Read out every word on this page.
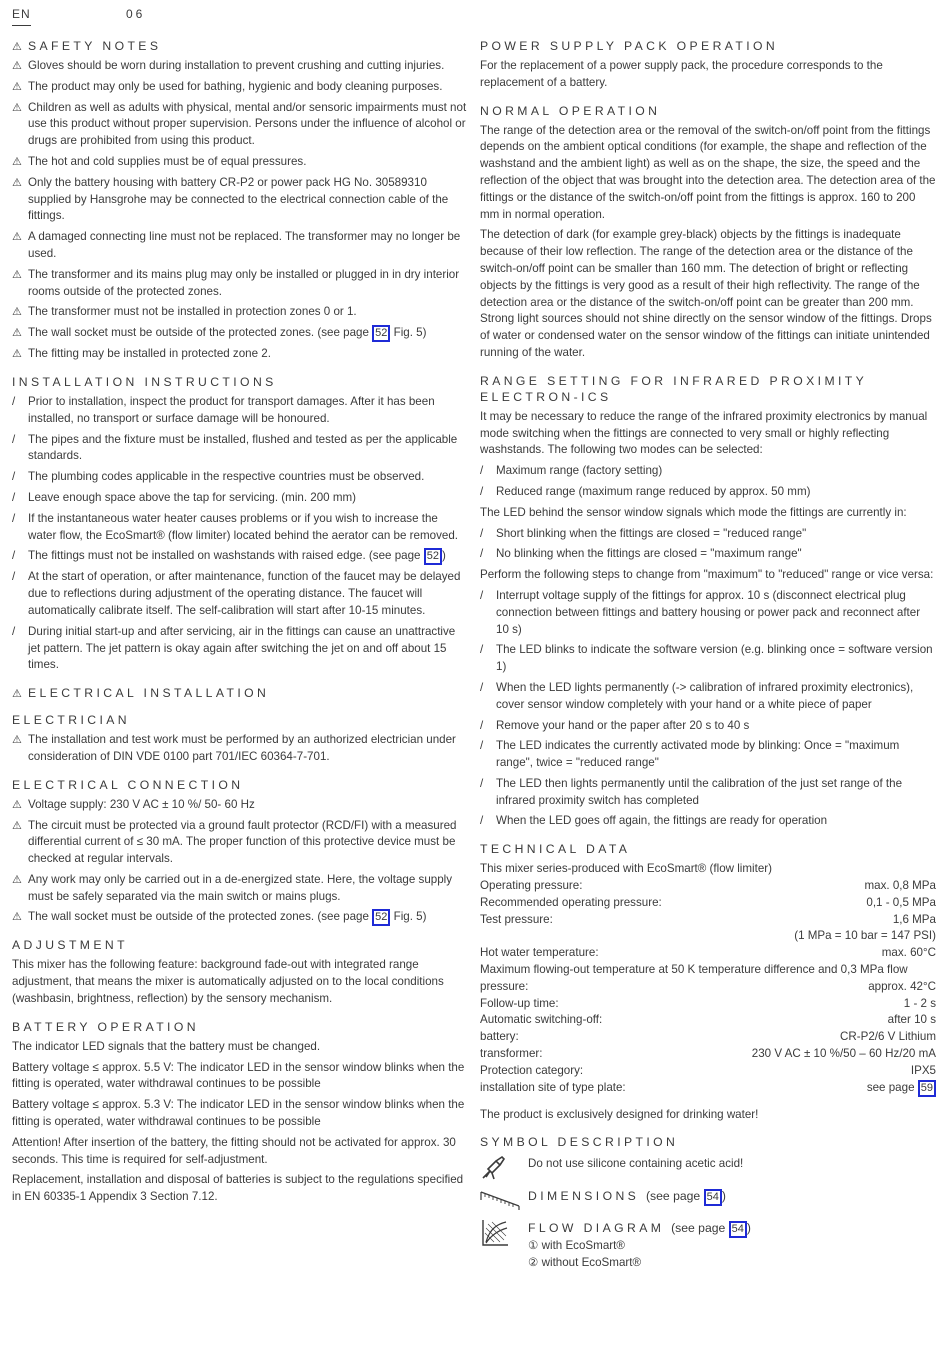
EN	06
⚠
SAFETY NOTES
⚠
Gloves should be worn during installation to prevent crushing and cutting injuries.
⚠
The product may only be used for bathing, hygienic and body cleaning purposes.
⚠
Children as well as adults with physical, mental and/or sensoric impairments must not use this product without proper supervision. Persons under the influence of alcohol or drugs are prohibited from using this product.
⚠
The hot and cold supplies must be of equal pressures.
⚠
Only the battery housing with battery CR-P2 or power pack HG No. 30589310 supplied by Hansgrohe may be connected to the electrical connection cable of the fittings.
⚠
A damaged connecting line must not be replaced. The transformer may no longer be used.
⚠
The transformer and its mains plug may only be installed or plugged in in dry interior rooms outside of the protected zones.
⚠
The transformer must not be installed in protection zones 0 or 1.
⚠
The wall socket must be outside of the protected zones. (see page 52 Fig. 5)
⚠
The fitting may be installed in protected zone 2.
INSTALLATION INSTRUCTIONS
/
Prior to installation, inspect the product for transport damages. After it has been installed, no transport or surface damage will be honoured.
/
The pipes and the fixture must be installed, flushed and tested as per the applicable standards.
/
The plumbing codes applicable in the respective countries must be observed.
/
Leave enough space above the tap for servicing. (min. 200 mm)
/
If the instantaneous water heater causes problems or if you wish to increase the water flow, the EcoSmart® (flow limiter) located behind the aerator can be removed.
/
The fittings must not be installed on washstands with raised edge. (see page 52 )
/
At the start of operation, or after maintenance, function of the faucet may be delayed due to reflections during adjustment of the operating distance. The faucet will automatically calibrate itself. The self-calibration will start after 10-15 minutes.
/
During initial start-up and after servicing, air in the fittings can cause an unattractive jet pattern. The jet pattern is okay again after switching the jet on and off about 15 times.
⚠
ELECTRICAL INSTALLATION
ELECTRICIAN
⚠
The installation and test work must be performed by an authorized electrician under consideration of DIN VDE 0100 part 701/IEC 60364-7-701.
ELECTRICAL CONNECTION
⚠
Voltage supply: 230 V AC ± 10 %/ 50- 60 Hz
⚠
The circuit must be protected via a ground fault protector (RCD/FI) with a measured differential current of ≤ 30 mA. The proper function of this protective device must be checked at regular intervals.
⚠
Any work may only be carried out in a de-energized state. Here, the voltage supply must be safely separated via the main switch or mains plugs.
⚠
The wall socket must be outside of the protected zones. (see page 52 Fig. 5)
ADJUSTMENT

This mixer has the following feature: background fade-out with integrated range adjustment, that means the mixer is automatically adjusted on to the local conditions (washbasin, brightness, reflection) by the sensory mechanism.

BATTERY OPERATION

The indicator LED signals that the battery must be changed.

Battery voltage ≤ approx. 5.5 V: The indicator LED in the sensor window blinks when the fitting is operated, water withdrawal continues to be possible

Battery voltage ≤ approx. 5.3 V: The indicator LED in the sensor window blinks when the fitting is operated, water withdrawal continues to be possible

Attention! After insertion of the battery, the fitting should not be activated for approx. 30 seconds. This time is required for self-adjustment.

Replacement, installation and disposal of batteries is subject to the regulations specified in EN 60335-1 Appendix 3 Section 7.12.

POWER SUPPLY PACK OPERATION

For the replacement of a power supply pack, the procedure corresponds to the replacement of a battery.

NORMAL OPERATION

The range of the detection area or the removal of the switch-on/off point from the fittings depends on the ambient optical conditions (for example, the shape and reflection of the washstand and the ambient light) as well as on the shape, the size, the speed and the reflection of the object that was brought into the detection area. The detection area of the fittings or the distance of the switch-on/off point from the fittings is approx. 160 to 200 mm in normal operation.

The detection of dark (for example grey-black) objects by the fittings is inadequate because of their low reflection. The range of the detection area or the distance of the switch-on/off point can be smaller than 160 mm. The detection of bright or reflecting objects by the fittings is very good as a result of their high reflectivity. The range of the detection area or the distance of the switch-on/off point can be greater than 200 mm. Strong light sources should not shine directly on the sensor window of the fittings. Drops of water or condensed water on the sensor window of the fittings can initiate unintended running of the water.

RANGE SETTING FOR INFRARED PROXIMITY ELECTRON-ICS

It may be necessary to reduce the range of the infrared proximity electronics by manual mode switching when the fittings are connected to very small or highly reflecting washstands. The following two modes can be selected:

/
Maximum range (factory setting)
/
Reduced range (maximum range reduced by approx. 50 mm)

The LED behind the sensor window signals which mode the fittings are currently in:

/
Short blinking when the fittings are closed = "reduced range"
/
No blinking when the fittings are closed = "maximum range"

Perform the following steps to change from "maximum" to "reduced" range or vice versa:

/
Interrupt voltage supply of the fittings for approx. 10 s (disconnect electrical plug connection between fittings and battery housing or power pack and reconnect after 10 s)
/
The LED blinks to indicate the software version (e.g. blinking once = software version 1)
/
When the LED lights permanently (-> calibration of infrared proximity electronics), cover sensor window completely with your hand or a white piece of paper
/
Remove your hand or the paper after 20 s to 40 s
/
The LED indicates the currently activated mode by blinking: Once = "maximum range", twice = "reduced range"
/
The LED then lights permanently until the calibration of the just set range of the infrared proximity switch has completed
/
When the LED goes off again, the fittings are ready for operation
TECHNICAL DATA
This mixer series-produced with EcoSmart® (flow limiter)
Operating pressure:	max. 0,8 MPa
Recommended operating pressure:	0,1 - 0,5 MPa
Test pressure:	1,6 MPa
(1 MPa = 10 bar = 147 PSI)
Hot water temperature:	max. 60°C
Maximum flowing-out temperature at 50 K temperature difference and 0,3 MPa flow
pressure:	approx. 42°C
Follow-up time:	1 - 2 s
Automatic switching-off:	after 10 s
battery:	CR-P2/6 V Lithium
transformer:	230 V AC ± 10 %/50 – 60 Hz/20 mA
Protection category:	IPX5
installation site of type plate:	see page 59

The product is exclusively designed for drinking water!

SYMBOL DESCRIPTION
Do not use silicone containing acetic acid!
DIMENSIONS (see page 54 )
FLOW DIAGRAM (see page 54 )
① with EcoSmart®
② without EcoSmart®
